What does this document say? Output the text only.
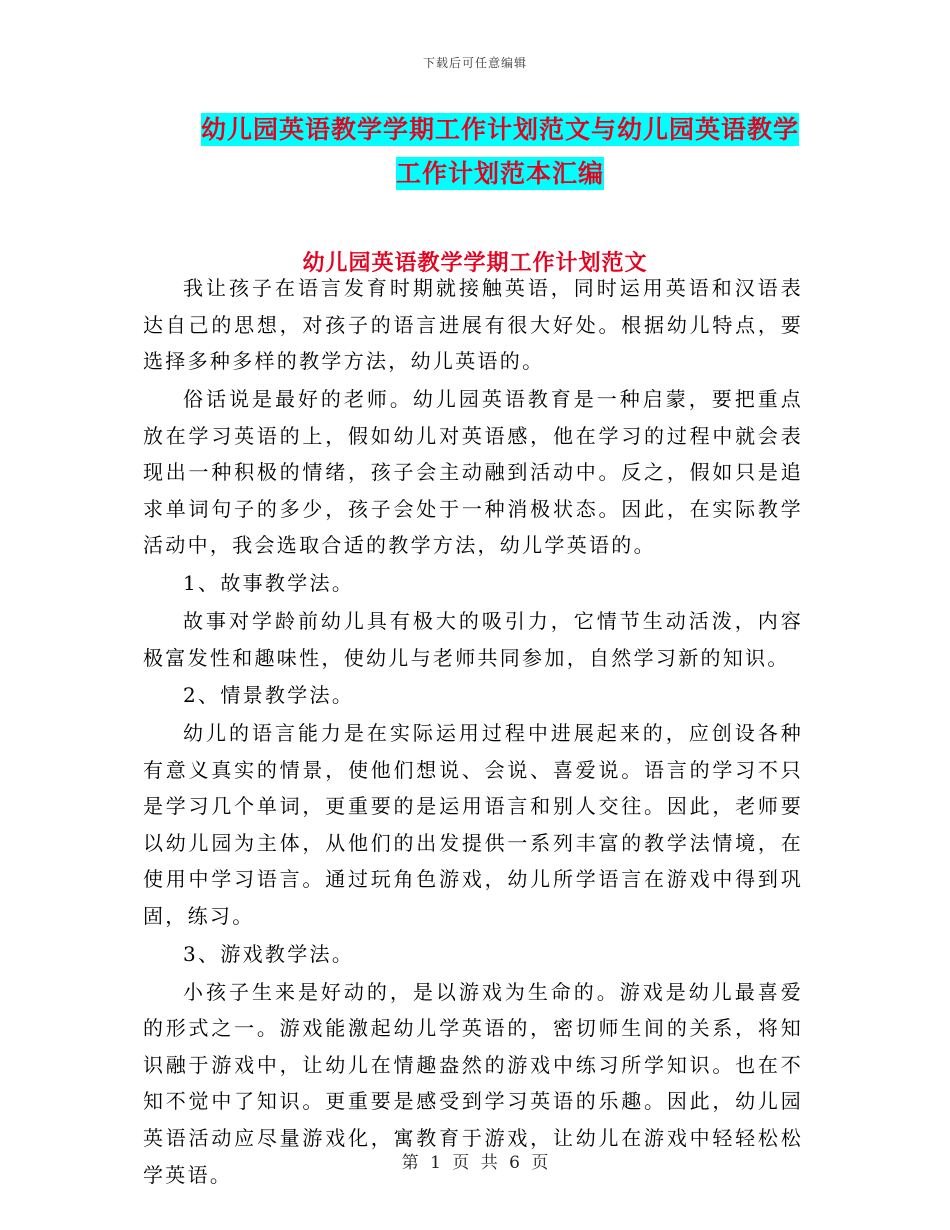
下载后可任意编辑
幼儿园英语教学学期工作计划范文与幼儿园英语教学
工作计划范本汇编
幼儿园英语教学学期工作计划范文

我让孩子在语言发育时期就接触英语，同时运用英语和汉语表达自己的思想，对孩子的语言进展有很大好处。根据幼儿特点，要选择多种多样的教学方法，幼儿英语的。

俗话说是最好的老师。幼儿园英语教育是一种启蒙，要把重点放在学习英语的上，假如幼儿对英语感，他在学习的过程中就会表现出一种积极的情绪，孩子会主动融到活动中。反之，假如只是追求单词句子的多少，孩子会处于一种消极状态。因此，在实际教学活动中，我会选取合适的教学方法，幼儿学英语的。

1、故事教学法。

故事对学龄前幼儿具有极大的吸引力，它情节生动活泼，内容极富发性和趣味性，使幼儿与老师共同参加，自然学习新的知识。

2、情景教学法。

幼儿的语言能力是在实际运用过程中进展起来的，应创设各种有意义真实的情景，使他们想说、会说、喜爱说。语言的学习不只是学习几个单词，更重要的是运用语言和别人交往。因此，老师要以幼儿园为主体，从他们的出发提供一系列丰富的教学法情境，在使用中学习语言。通过玩角色游戏，幼儿所学语言在游戏中得到巩固，练习。

3、游戏教学法。

小孩子生来是好动的，是以游戏为生命的。游戏是幼儿最喜爱的形式之一。游戏能激起幼儿学英语的，密切师生间的关系，将知识融于游戏中，让幼儿在情趣盎然的游戏中练习所学知识。也在不知不觉中了知识。更重要是感受到学习英语的乐趣。因此，幼儿园英语活动应尽量游戏化，寓教育于游戏，让幼儿在游戏中轻轻松松学英语。	第 1 页 共 6 页
